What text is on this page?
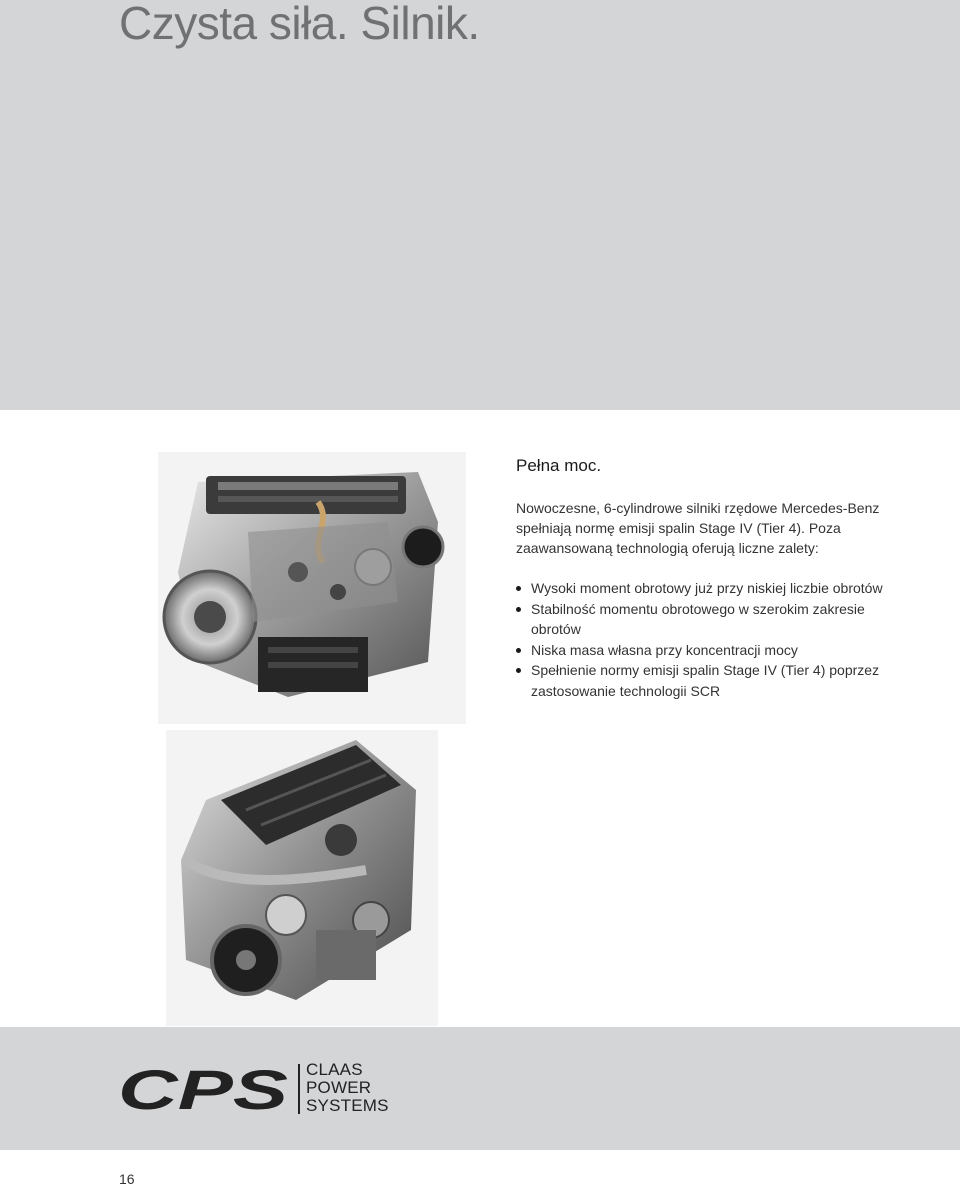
Czysta siła. Silnik.
Pełna moc.

Nowoczesne, 6-cylindrowe silniki rzędowe Mercedes-Benz spełniają normę emisji spalin Stage IV (Tier 4). Poza zaawansowaną technologią oferują liczne zalety:

Wysoki moment obrotowy już przy niskiej liczbie obrotów
Stabilność momentu obrotowego w szerokim zakresie obrotów
Niska masa własna przy koncentracji mocy
Spełnienie normy emisji spalin Stage IV (Tier 4) poprzez zastosowanie technologii SCR
CPS CLAAS
POWER
SYSTEMS
16
